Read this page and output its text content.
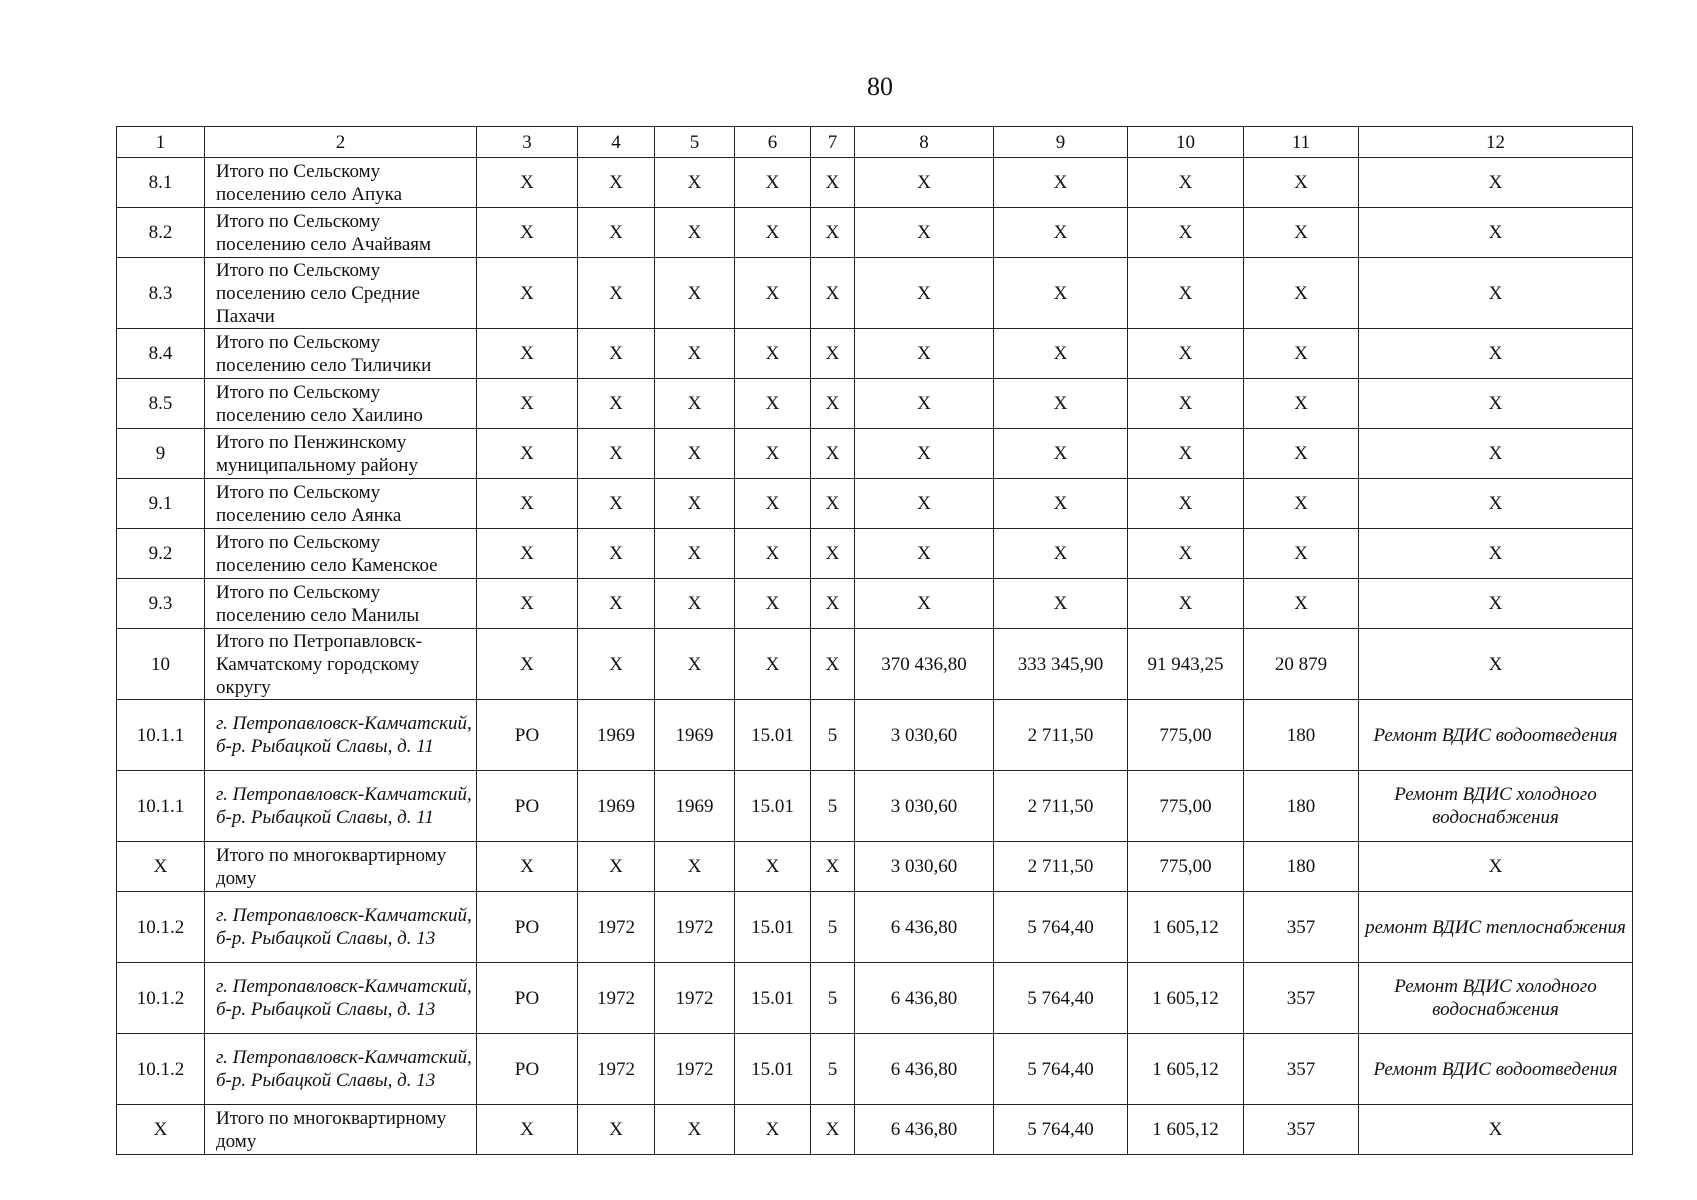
80
1	2	3	4	5	6	7	8	9	10	11	12
8.1	Итого по Сельскому поселению село Апука	X	X	X	X	X	X	X	X	X	X
8.2	Итого по Сельскому поселению село Ачайваям	X	X	X	X	X	X	X	X	X	X
8.3	Итого по Сельскому поселению село Средние Пахачи	X	X	X	X	X	X	X	X	X	X
8.4	Итого по Сельскому поселению село Тиличики	X	X	X	X	X	X	X	X	X	X
8.5	Итого по Сельскому поселению село Хаилино	X	X	X	X	X	X	X	X	X	X
9	Итого по Пенжинскому муниципальному району	X	X	X	X	X	X	X	X	X	X
9.1	Итого по Сельскому поселению село Аянка	X	X	X	X	X	X	X	X	X	X
9.2	Итого по Сельскому поселению село Каменское	X	X	X	X	X	X	X	X	X	X
9.3	Итого по Сельскому поселению село Манилы	X	X	X	X	X	X	X	X	X	X
10	Итого по Петропавловск-Камчатскому городскому округу	X	X	X	X	X	370 436,80	333 345,90	91 943,25	20 879	X
10.1.1	г. Петропавловск-Камчатский, б-р. Рыбацкой Славы, д. 11	РО	1969	1969	15.01	5	3 030,60	2 711,50	775,00	180	Ремонт ВДИС водоотведения
10.1.1	г. Петропавловск-Камчатский, б-р. Рыбацкой Славы, д. 11	РО	1969	1969	15.01	5	3 030,60	2 711,50	775,00	180	Ремонт ВДИС холодного водоснабжения
X	Итого по многоквартирному дому	X	X	X	X	X	3 030,60	2 711,50	775,00	180	X
10.1.2	г. Петропавловск-Камчатский, б-р. Рыбацкой Славы, д. 13	РО	1972	1972	15.01	5	6 436,80	5 764,40	1 605,12	357	ремонт ВДИС теплоснабжения
10.1.2	г. Петропавловск-Камчатский, б-р. Рыбацкой Славы, д. 13	РО	1972	1972	15.01	5	6 436,80	5 764,40	1 605,12	357	Ремонт ВДИС холодного водоснабжения
10.1.2	г. Петропавловск-Камчатский, б-р. Рыбацкой Славы, д. 13	РО	1972	1972	15.01	5	6 436,80	5 764,40	1 605,12	357	Ремонт ВДИС водоотведения
X	Итого по многоквартирному дому	X	X	X	X	X	6 436,80	5 764,40	1 605,12	357	X
